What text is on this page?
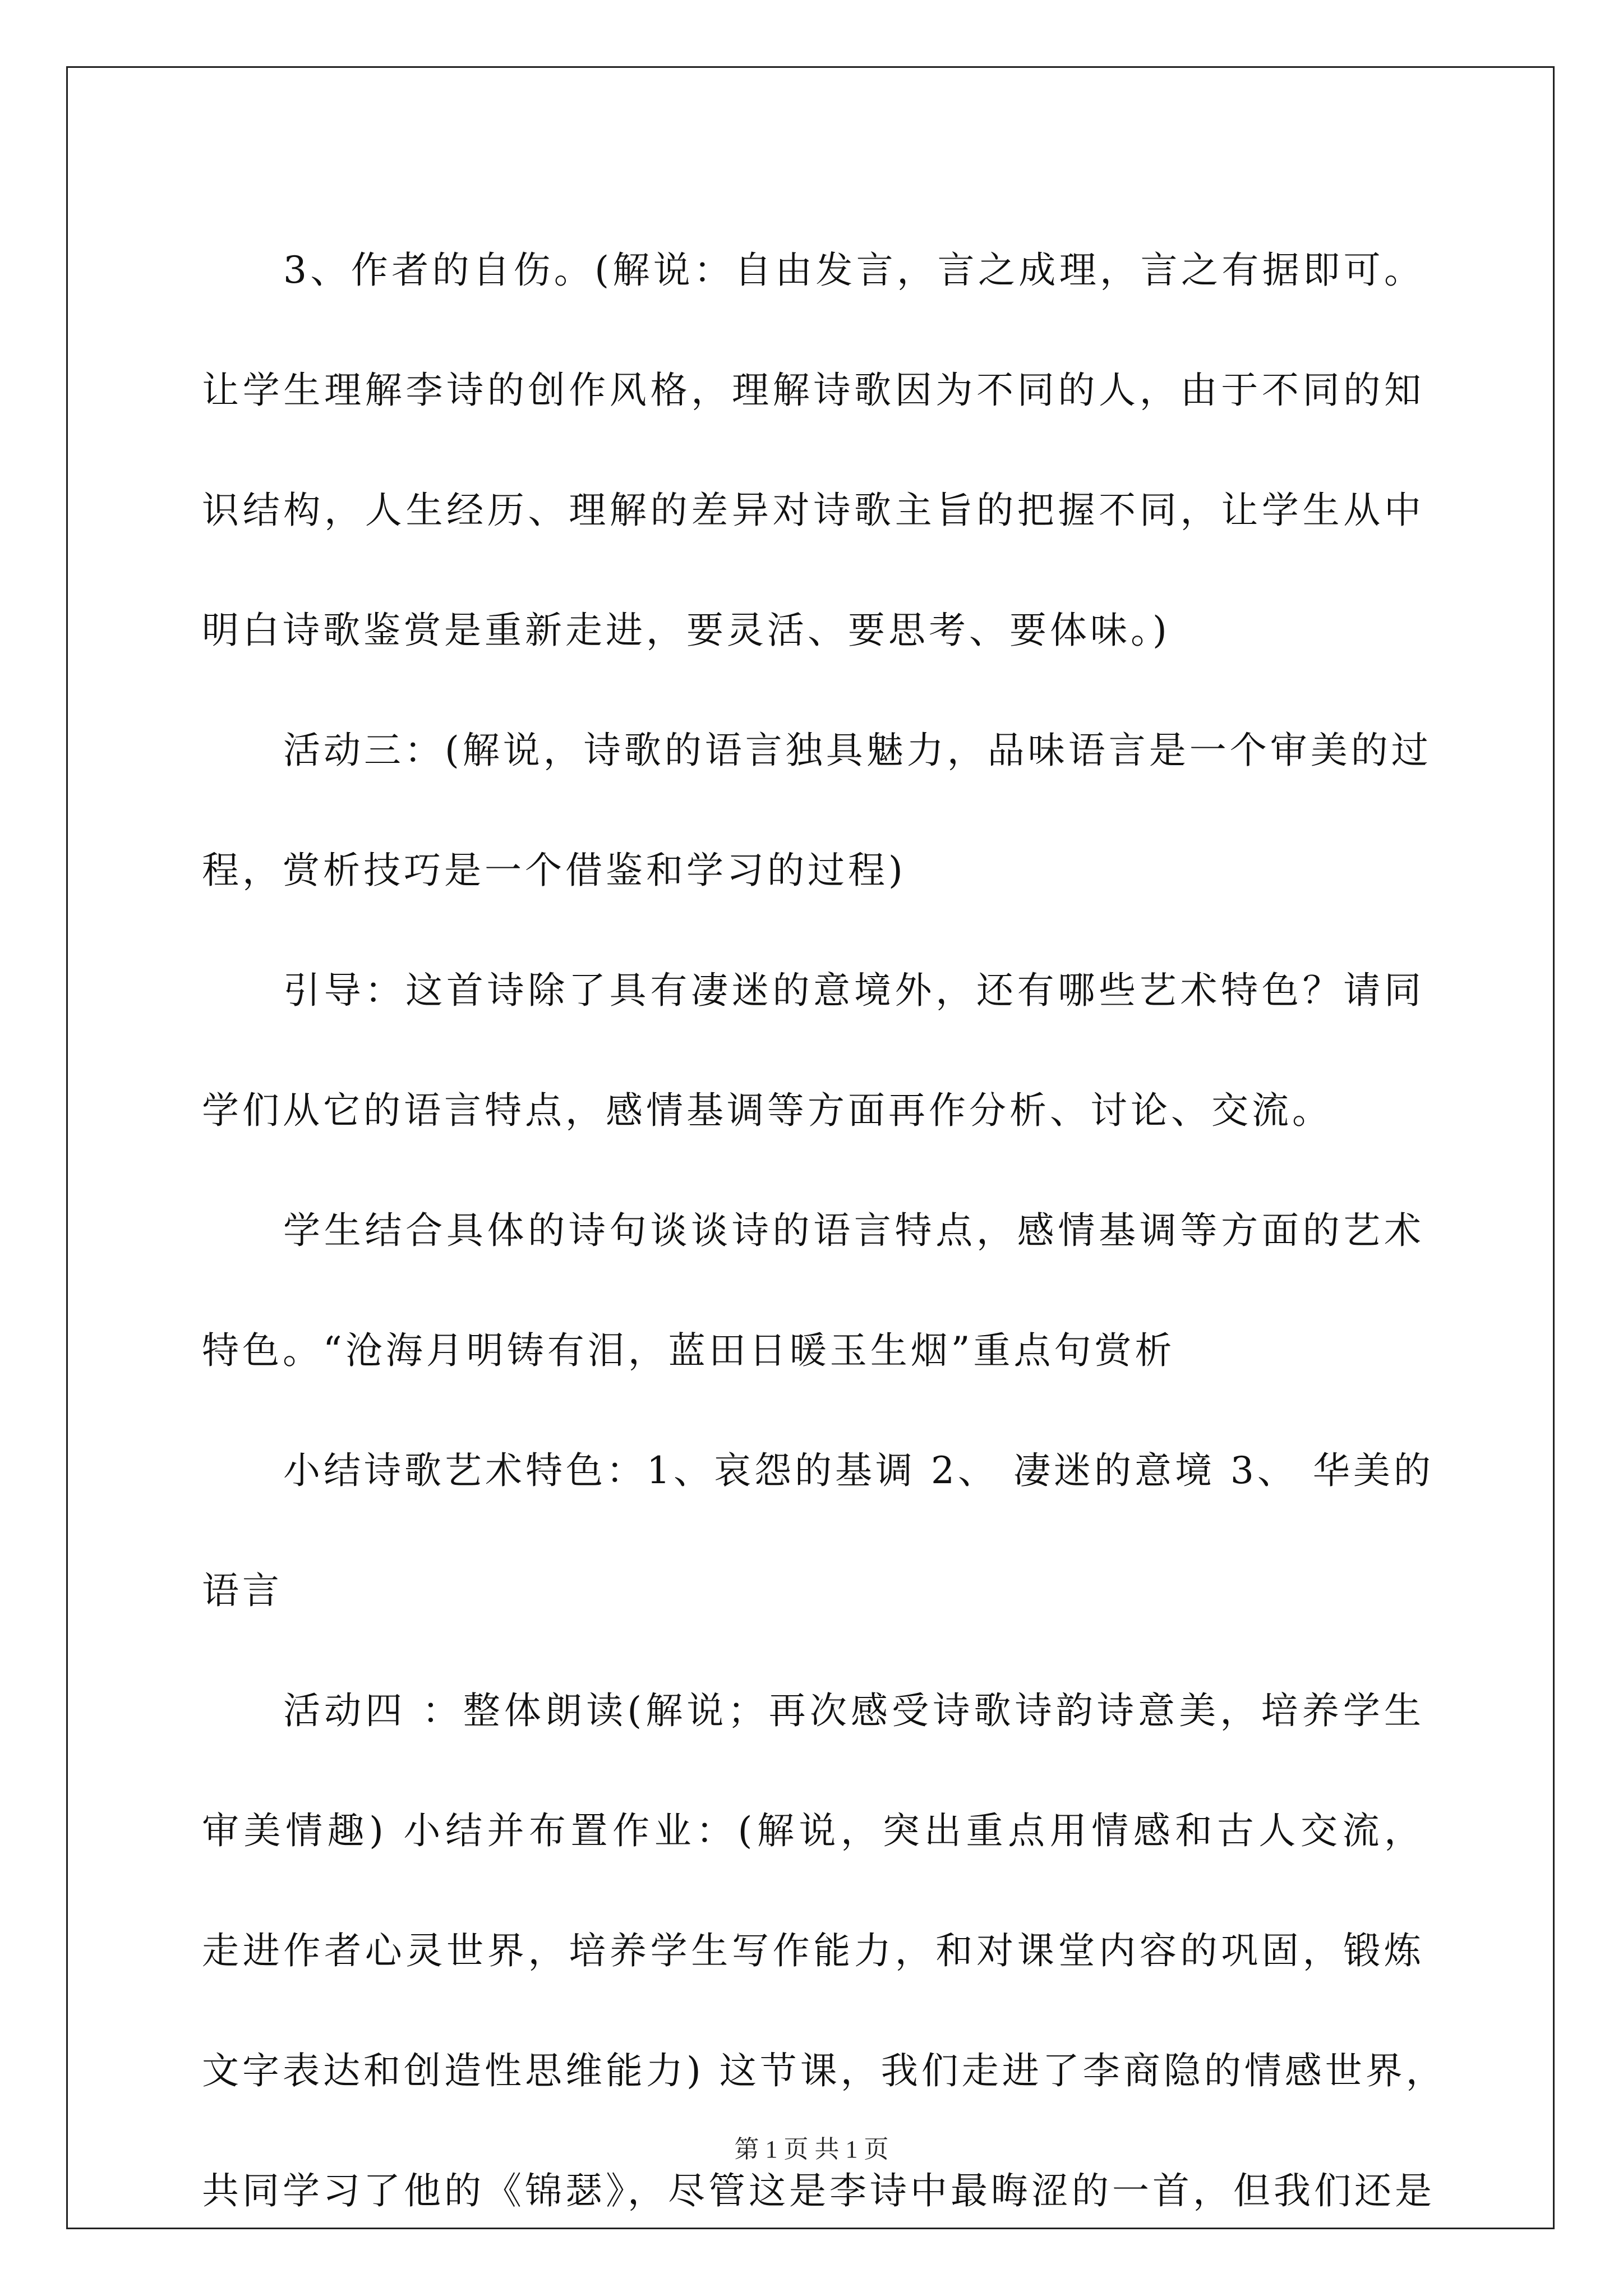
3、作者的自伤。(解说：自由发言，言之成理，言之有据即可。

让学生理解李诗的创作风格，理解诗歌因为不同的人，由于不同的知

识结构，人生经历、理解的差异对诗歌主旨的把握不同，让学生从中

明白诗歌鉴赏是重新走进，要灵活、要思考、要体味。)

活动三：(解说，诗歌的语言独具魅力，品味语言是一个审美的过

程，赏析技巧是一个借鉴和学习的过程)

引导：这首诗除了具有凄迷的意境外，还有哪些艺术特色？请同

学们从它的语言特点，感情基调等方面再作分析、讨论、交流。

学生结合具体的诗句谈谈诗的语言特点，感情基调等方面的艺术

特色。“沧海月明铸有泪，蓝田日暖玉生烟”重点句赏析

小结诗歌艺术特色：1、哀怨的基调 2、 凄迷的意境 3、 华美的

语言

活动四 ：整体朗读(解说；再次感受诗歌诗韵诗意美，培养学生

审美情趣) 小结并布置作业：(解说，突出重点用情感和古人交流，

走进作者心灵世界，培养学生写作能力，和对课堂内容的巩固，锻炼

文字表达和创造性思维能力) 这节课，我们走进了李商隐的情感世界，

共同学习了他的《锦瑟》，尽管这是李诗中最晦涩的一首，但我们还是

第 1 页 共 1 页
